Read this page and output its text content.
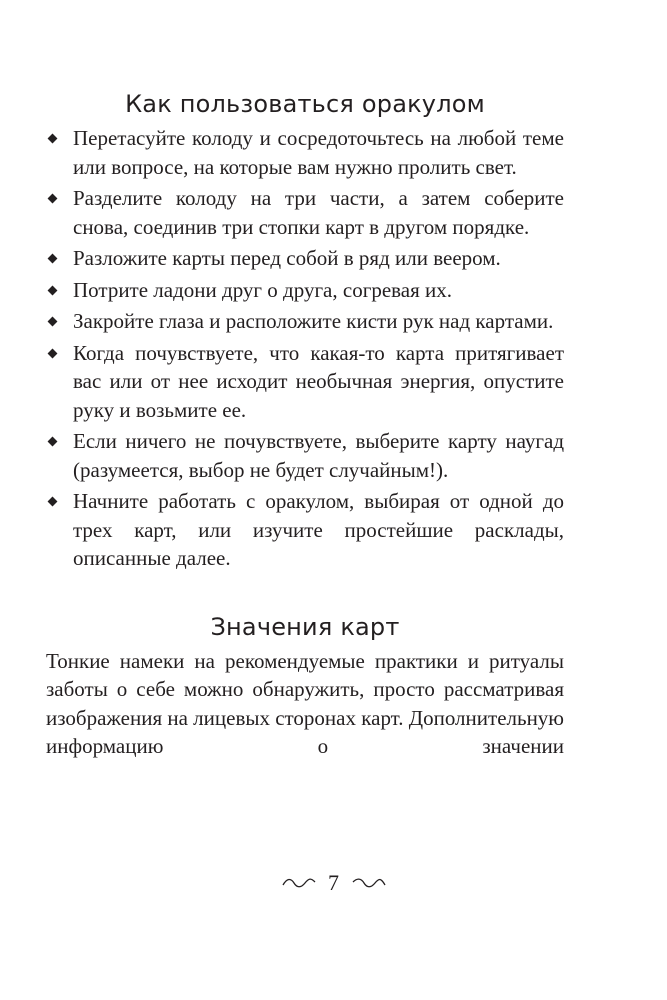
Как пользоваться оракулом
Перетасуйте колоду и сосредоточьтесь на любой теме или вопросе, на которые вам нужно пролить свет.
Разделите колоду на три части, а затем соберите снова, соединив три стопки карт в другом порядке.
Разложите карты перед собой в ряд или веером.
Потрите ладони друг о друга, согревая их.
Закройте глаза и расположите кисти рук над картами.
Когда почувствуете, что какая-то карта притягивает вас или от нее исходит необычная энергия, опустите руку и возьмите ее.
Если ничего не почувствуете, выберите карту наугад (разумеется, выбор не будет случайным!).
Начните работать с оракулом, выбирая от одной до трех карт, или изучите простейшие расклады, описанные далее.
Значения карт

Тонкие намеки на рекомендуемые практики и ритуалы заботы о себе можно обнаружить, просто рассматривая изображения на лицевых сторонах карт. Дополнительную информацию о значении

7
